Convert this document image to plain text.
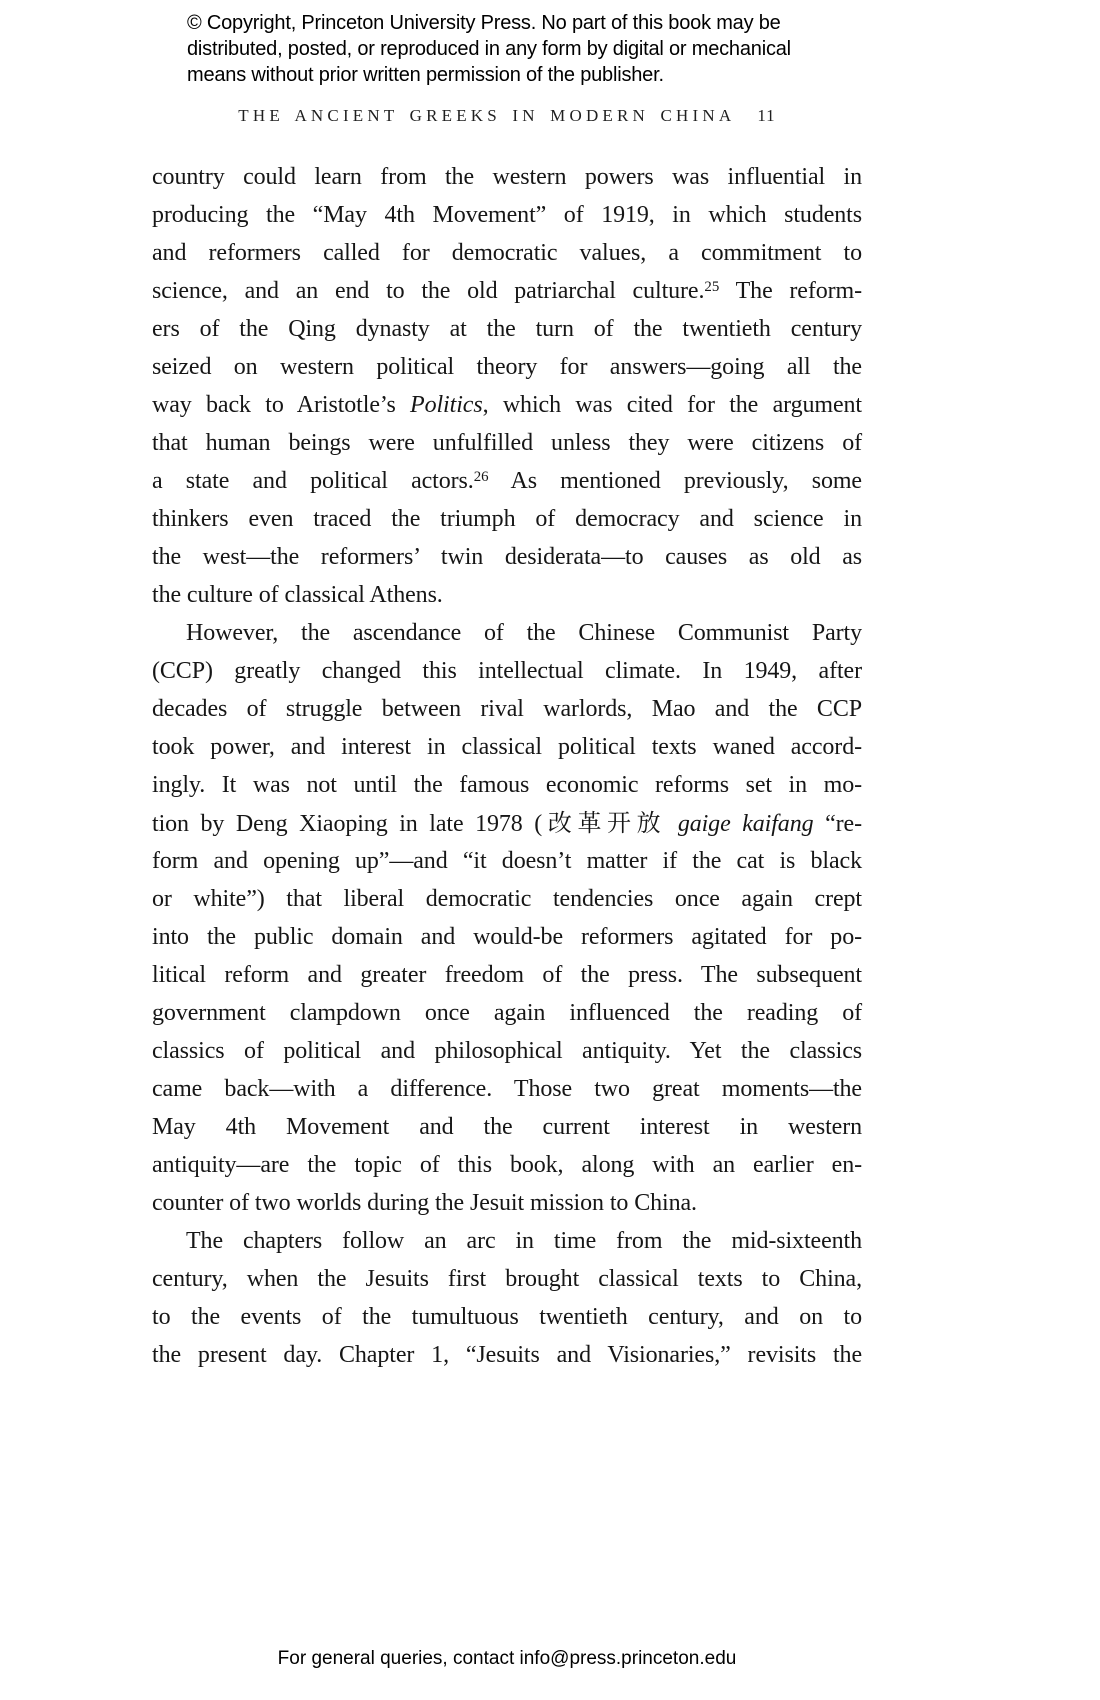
© Copyright, Princeton University Press. No part of this book may be
distributed, posted, or reproduced in any form by digital or mechanical
means without prior written permission of the publisher.
THE ANCIENT GREEKS IN MODERN CHINA 11
country could learn from the western powers was influential in
producing the “May 4th Movement” of 1919, in which students
and reformers called for democratic values, a commitment to
science, and an end to the old patriarchal culture.$^{25}$ The reform-
ers of the Qing dynasty at the turn of the twentieth century
seized on western political theory for answers—going all the
way back to Aristotle’s Politics, which was cited for the argument
that human beings were unfulfilled unless they were citizens of
a state and political actors.$^{26}$ As mentioned previously, some
thinkers even traced the triumph of democracy and science in
the west—the reformers’ twin desiderata—to causes as old as
the culture of classical Athens.
However, the ascendance of the Chinese Communist Party
(CCP) greatly changed this intellectual climate. In 1949, after
decades of struggle between rival warlords, Mao and the CCP
took power, and interest in classical political texts waned accord-
ingly. It was not until the famous economic reforms set in mo-
tion by Deng Xiaoping in late 1978 (改革开放 gaige kaifang “re-
form and opening up”—and “it doesn’t matter if the cat is black
or white”) that liberal democratic tendencies once again crept
into the public domain and would-be reformers agitated for po-
litical reform and greater freedom of the press. The subsequent
government clampdown once again influenced the reading of
classics of political and philosophical antiquity. Yet the classics
came back—with a difference. Those two great moments—the
May 4th Movement and the current interest in western
antiquity—are the topic of this book, along with an earlier en-
counter of two worlds during the Jesuit mission to China.
The chapters follow an arc in time from the mid-sixteenth
century, when the Jesuits first brought classical texts to China,
to the events of the tumultuous twentieth century, and on to
the present day. Chapter 1, “Jesuits and Visionaries,” revisits the
For general queries, contact info@press.princeton.edu
